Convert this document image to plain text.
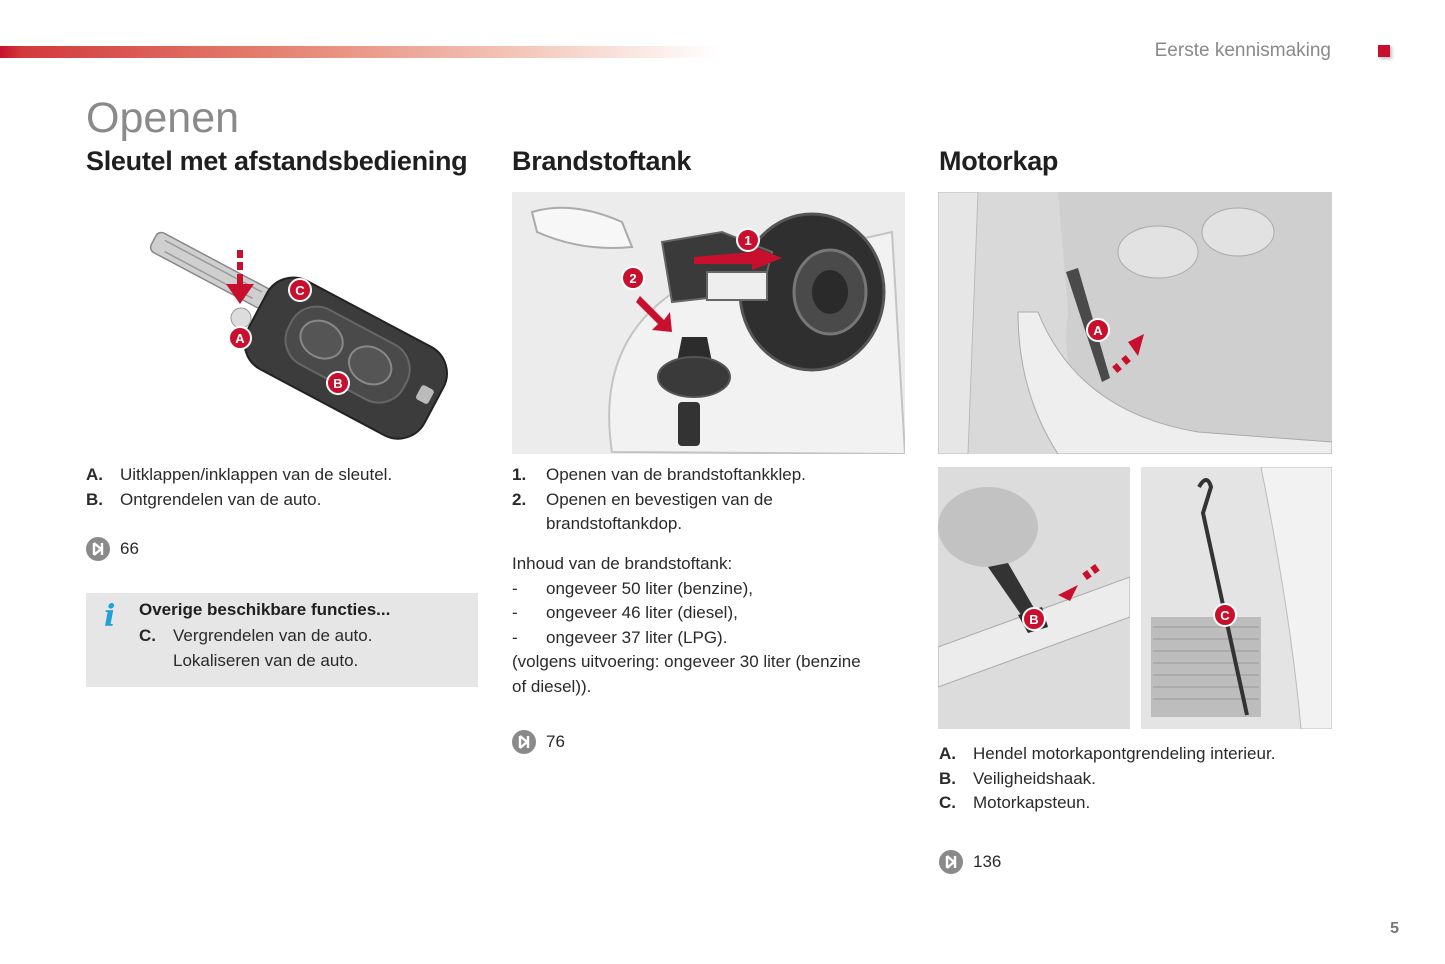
Eerste kennismaking
Openen
Sleutel met afstandsbediening
A
B
C
A.	Uitklappen/inklappen van de sleutel.
B.	Ontgrendelen van de auto.
66
i Overige beschikbare functies...
C.	Vergrendelen van de auto.
Lokaliseren van de auto.
Brandstoftank
1
2
1.	Openen van de brandstoftankklep.
2.	Openen en bevestigen van de
brandstoftankdop.
Inhoud van de brandstoftank:
-	ongeveer 50 liter (benzine),
-	ongeveer 46 liter (diesel),
-	ongeveer 37 liter (LPG).
(volgens uitvoering: ongeveer 30 liter (benzine
of diesel)).
76
Motorkap
A
B	C
A.	Hendel motorkapontgrendeling interieur.
B.	Veiligheidshaak.
C.	Motorkapsteun.
136
5
